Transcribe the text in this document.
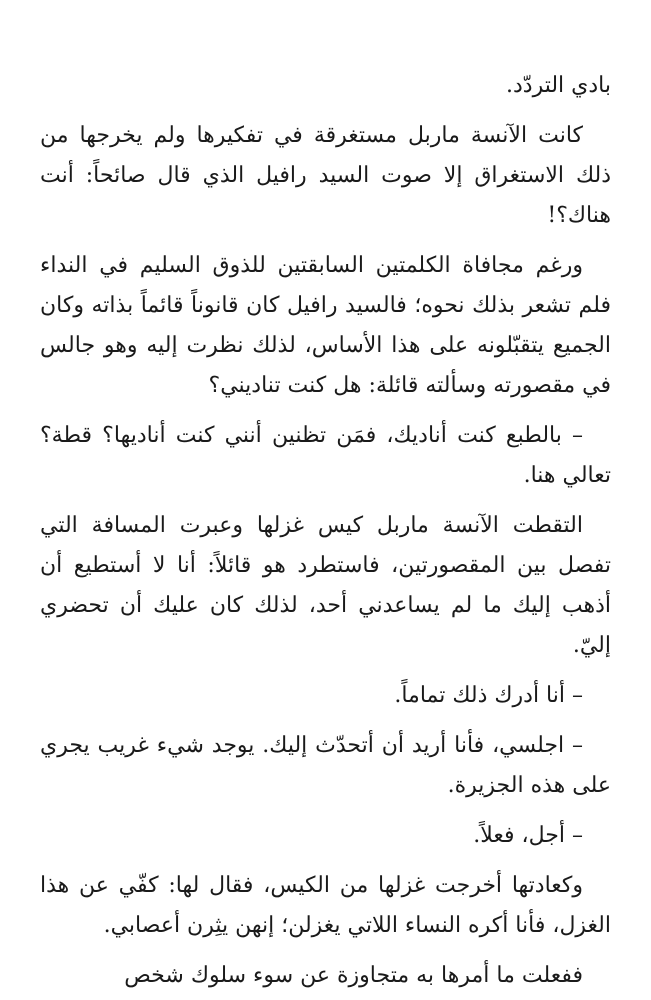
بادي التردّد.

كانت الآنسة ماربل مستغرقة في تفكيرها ولم يخرجها من ذلك الاستغراق إلا صوت السيد رافيل الذي قال صائحاً: أنت هناك؟!

ورغم مجافاة الكلمتين السابقتين للذوق السليم في النداء فلم تشعر بذلك نحوه؛ فالسيد رافيل كان قانوناً قائماً بذاته وكان الجميع يتقبّلونه على هذا الأساس، لذلك نظرت إليه وهو جالس في مقصورته وسألته قائلة: هل كنت تناديني؟

– بالطبع كنت أناديك، فمَن تظنين أنني كنت أناديها؟ قطة؟ تعالي هنا.

التقطت الآنسة ماربل كيس غزلها وعبرت المسافة التي تفصل بين المقصورتين، فاستطرد هو قائلاً: أنا لا أستطيع أن أذهب إليك ما لم يساعدني أحد، لذلك كان عليك أن تحضري إليّ.

– أنا أدرك ذلك تماماً.

– اجلسي، فأنا أريد أن أتحدّث إليك. يوجد شيء غريب يجري على هذه الجزيرة.

– أجل، فعلاً.

وكعادتها أخرجت غزلها من الكيس، فقال لها: كفّي عن هذا الغزل، فأنا أكره النساء اللاتي يغزلن؛ إنهن يثِرن أعصابي.

ففعلت ما أمرها به متجاوزة عن سوء سلوك شخص
